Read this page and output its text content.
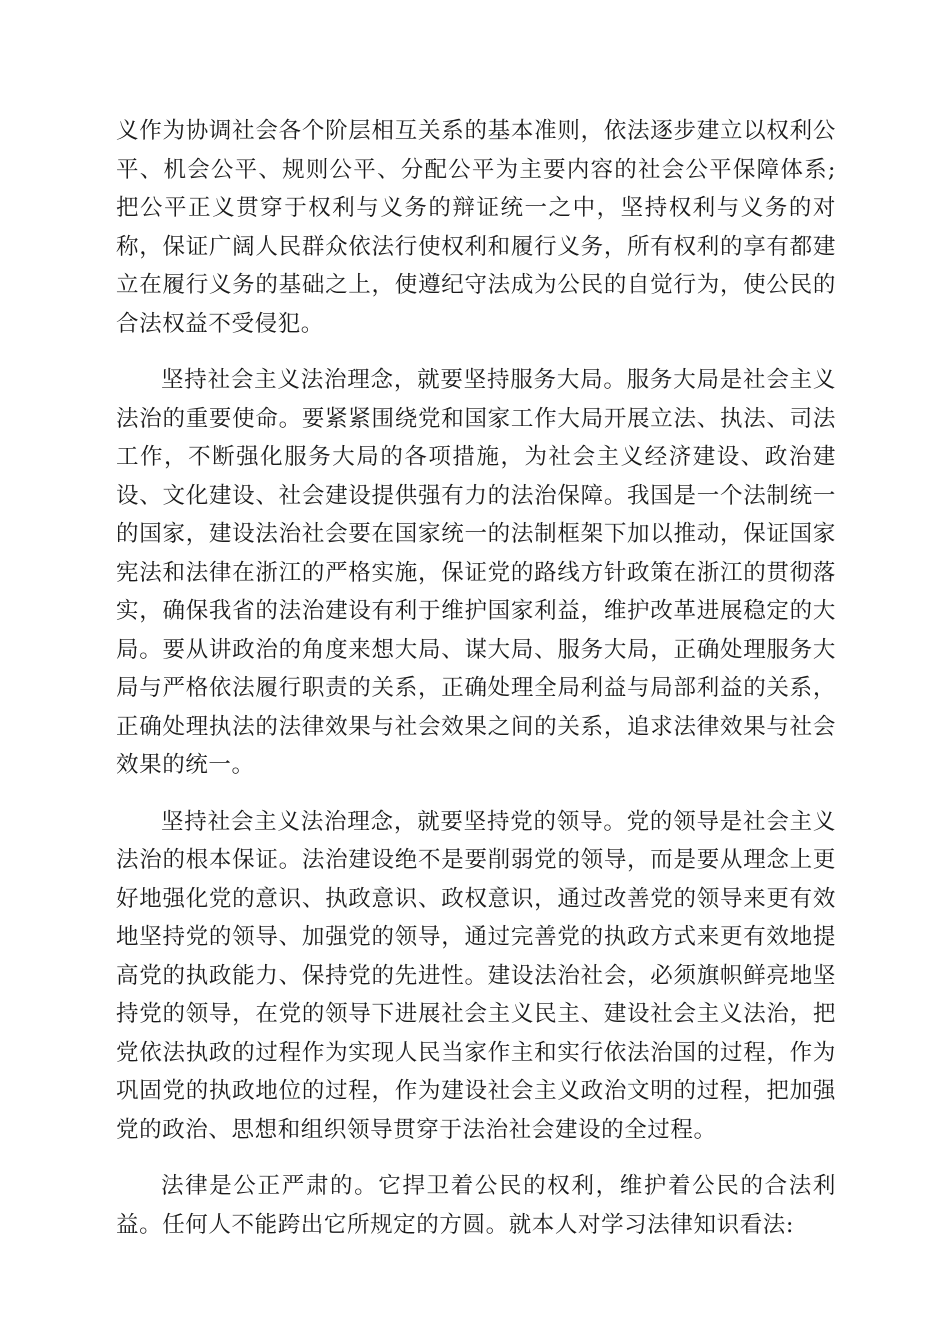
义作为协调社会各个阶层相互关系的基本准则，依法逐步建立以权利公平、机会公平、规则公平、分配公平为主要内容的社会公平保障体系;把公平正义贯穿于权利与义务的辩证统一之中，坚持权利与义务的对称，保证广阔人民群众依法行使权利和履行义务，所有权利的享有都建立在履行义务的基础之上，使遵纪守法成为公民的自觉行为，使公民的合法权益不受侵犯。

坚持社会主义法治理念，就要坚持服务大局。服务大局是社会主义法治的重要使命。要紧紧围绕党和国家工作大局开展立法、执法、司法工作，不断强化服务大局的各项措施，为社会主义经济建设、政治建设、文化建设、社会建设提供强有力的法治保障。我国是一个法制统一的国家，建设法治社会要在国家统一的法制框架下加以推动，保证国家宪法和法律在浙江的严格实施，保证党的路线方针政策在浙江的贯彻落实，确保我省的法治建设有利于维护国家利益，维护改革进展稳定的大局。要从讲政治的角度来想大局、谋大局、服务大局，正确处理服务大局与严格依法履行职责的关系，正确处理全局利益与局部利益的关系，正确处理执法的法律效果与社会效果之间的关系，追求法律效果与社会效果的统一。

坚持社会主义法治理念，就要坚持党的领导。党的领导是社会主义法治的根本保证。法治建设绝不是要削弱党的领导，而是要从理念上更好地强化党的意识、执政意识、政权意识，通过改善党的领导来更有效地坚持党的领导、加强党的领导，通过完善党的执政方式来更有效地提高党的执政能力、保持党的先进性。建设法治社会，必须旗帜鲜亮地坚持党的领导，在党的领导下进展社会主义民主、建设社会主义法治，把党依法执政的过程作为实现人民当家作主和实行依法治国的过程，作为巩固党的执政地位的过程，作为建设社会主义政治文明的过程，把加强党的政治、思想和组织领导贯穿于法治社会建设的全过程。

法律是公正严肃的。它捍卫着公民的权利，维护着公民的合法利益。任何人不能跨出它所规定的方圆。就本人对学习法律知识看法:
